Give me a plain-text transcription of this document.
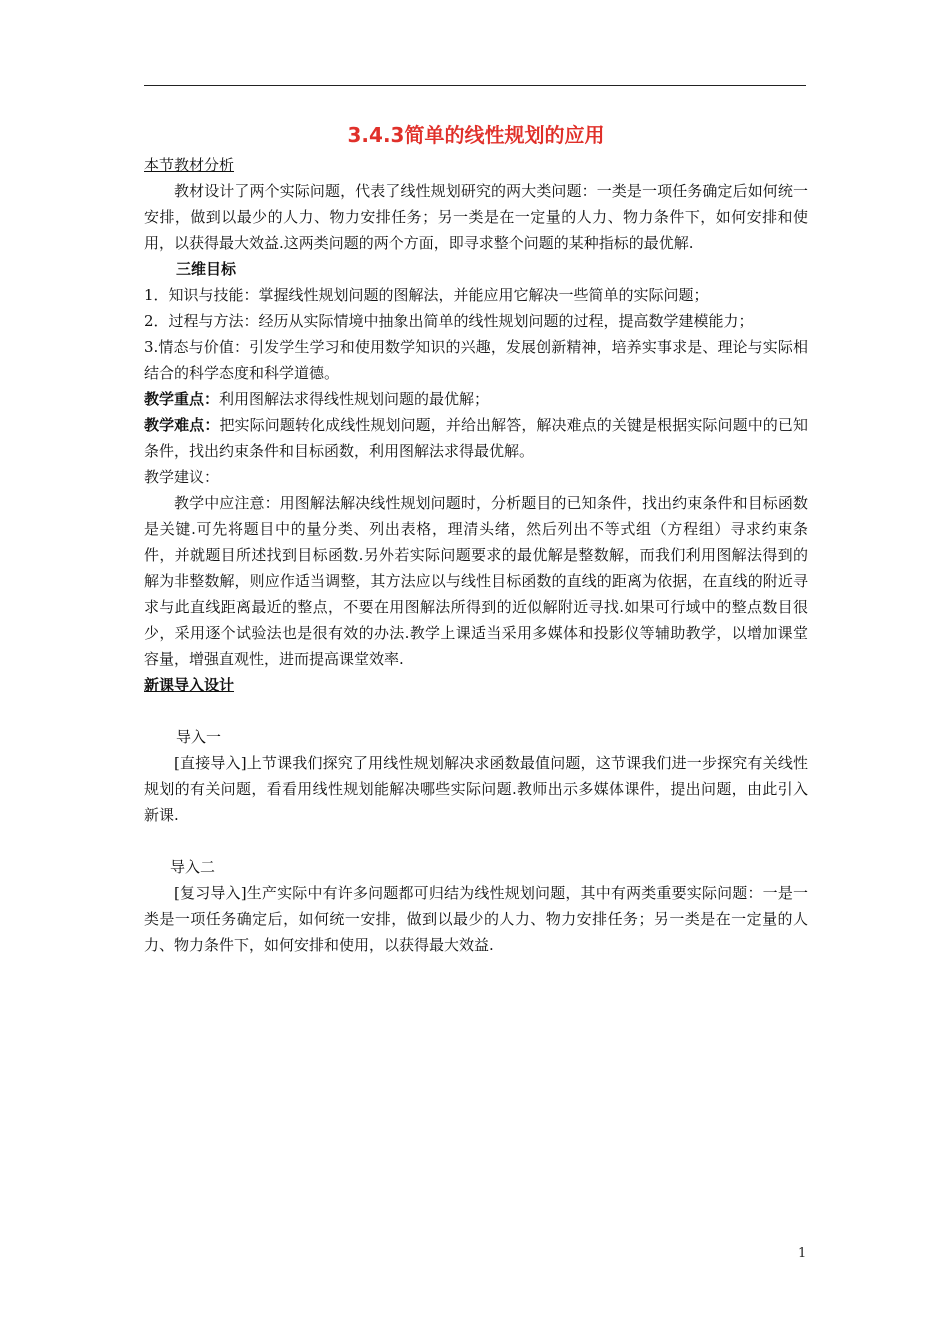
3.4.3简单的线性规划的应用

本节教材分析

教材设计了两个实际问题，代表了线性规划研究的两大类问题：一类是一项任务确定后如何统一安排，做到以最少的人力、物力安排任务；另一类是在一定量的人力、物力条件下，如何安排和使用，以获得最大效益.这两类问题的两个方面，即寻求整个问题的某种指标的最优解.

三维目标

1．知识与技能：掌握线性规划问题的图解法，并能应用它解决一些简单的实际问题；

2．过程与方法：经历从实际情境中抽象出简单的线性规划问题的过程，提高数学建模能力；

3.情态与价值：引发学生学习和使用数学知识的兴趣，发展创新精神，培养实事求是、理论与实际相结合的科学态度和科学道德。

教学重点：利用图解法求得线性规划问题的最优解；

教学难点：把实际问题转化成线性规划问题，并给出解答，解决难点的关键是根据实际问题中的已知条件，找出约束条件和目标函数，利用图解法求得最优解。

教学建议：

教学中应注意：用图解法解决线性规划问题时，分析题目的已知条件，找出约束条件和目标函数是关键.可先将题目中的量分类、列出表格，理清头绪，然后列出不等式组（方程组）寻求约束条件，并就题目所述找到目标函数.另外若实际问题要求的最优解是整数解，而我们利用图解法得到的解为非整数解，则应作适当调整，其方法应以与线性目标函数的直线的距离为依据，在直线的附近寻求与此直线距离最近的整点，不要在用图解法所得到的近似解附近寻找.如果可行域中的整点数目很少，采用逐个试验法也是很有效的办法.教学上课适当采用多媒体和投影仪等辅助教学，以增加课堂容量，增强直观性，进而提高课堂效率.

新课导入设计

导入一

[直接导入]上节课我们探究了用线性规划解决求函数最值问题，这节课我们进一步探究有关线性规划的有关问题，看看用线性规划能解决哪些实际问题.教师出示多媒体课件，提出问题，由此引入新课.

导入二

[复习导入]生产实际中有许多问题都可归结为线性规划问题，其中有两类重要实际问题：一是一类是一项任务确定后，如何统一安排，做到以最少的人力、物力安排任务；另一类是在一定量的人力、物力条件下，如何安排和使用，以获得最大效益.

1
